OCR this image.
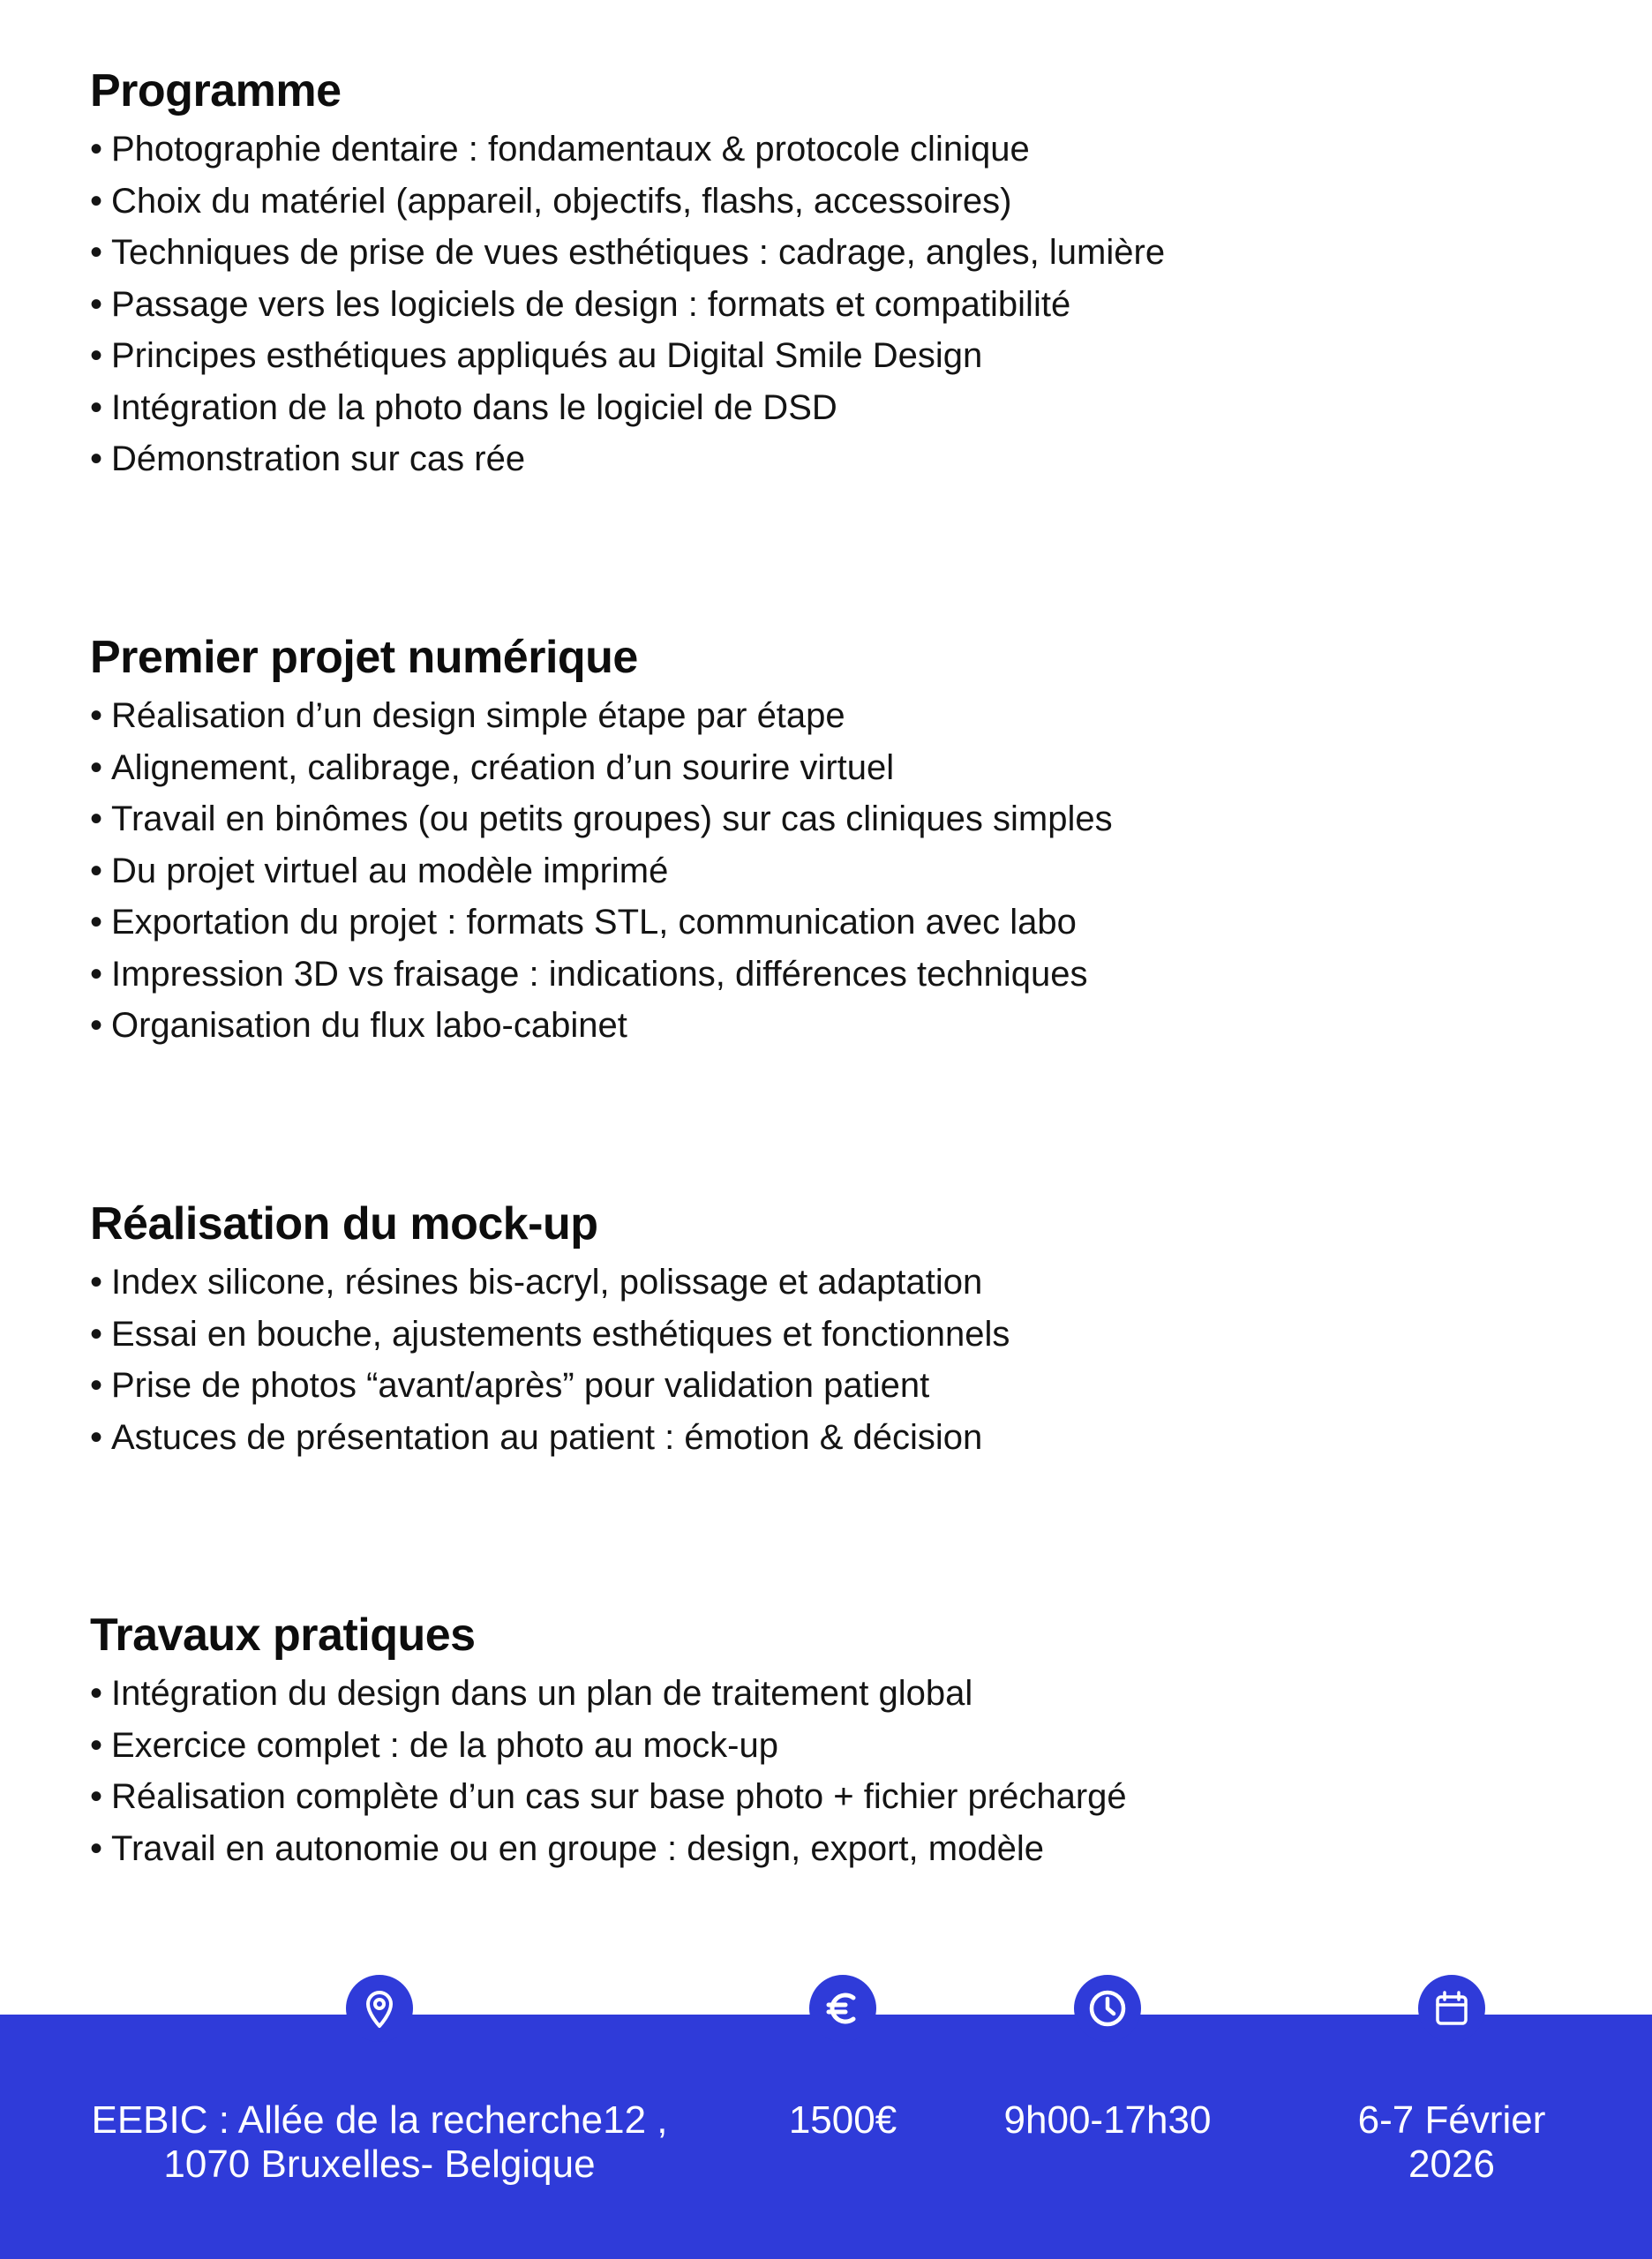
Programme
• Photographie dentaire : fondamentaux & protocole clinique
• Choix du matériel (appareil, objectifs, flashs, accessoires)
• Techniques de prise de vues esthétiques : cadrage, angles, lumière
• Passage vers les logiciels de design : formats et compatibilité
• Principes esthétiques appliqués au Digital Smile Design
• Intégration de la photo dans le logiciel de DSD
• Démonstration sur cas rée
Premier projet numérique
• Réalisation d’un design simple étape par étape
• Alignement, calibrage, création d’un sourire virtuel
• Travail en binômes (ou petits groupes) sur cas cliniques simples
• Du projet virtuel au modèle imprimé
• Exportation du projet : formats STL, communication avec labo
• Impression 3D vs fraisage : indications, différences techniques
• Organisation du flux labo-cabinet
Réalisation du mock-up
• Index silicone, résines bis-acryl, polissage et adaptation
• Essai en bouche, ajustements esthétiques et fonctionnels
• Prise de photos “avant/après” pour validation patient
• Astuces de présentation au patient : émotion & décision
Travaux pratiques
• Intégration du design dans un plan de traitement global
• Exercice complet : de la photo au mock-up
• Réalisation complète d’un cas sur base photo + fichier préchargé
• Travail en autonomie ou en groupe : design, export, modèle
EEBIC : Allée de la recherche12 ,
1070 Bruxelles- Belgique
1500€	9h00-17h30	6-7 Février
2026
